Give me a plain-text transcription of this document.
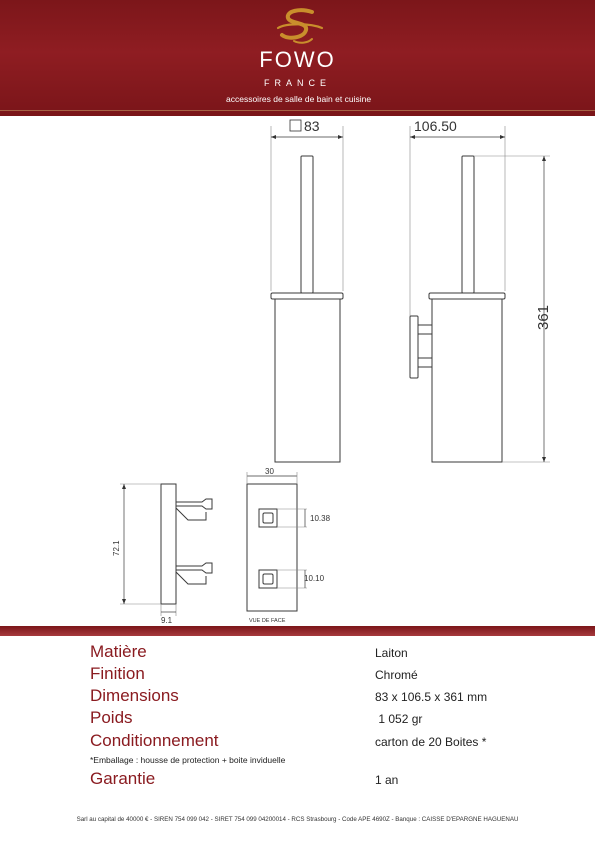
FOWO
FRANCE
accessoires de salle de bain et cuisine
83	106.50
361
72.1
9.1
30
10.38
10.10
VUE DE FACE
Matière	Laiton
Finition	Chromé
Dimensions	83 x 106.5 x 361 mm
Poids	1 052 gr
Conditionnement	carton de 20 Boites *
*Emballage : housse de protection + boite inviduelle
Garantie	1 an
Sarl au capital de 40000 € - SIREN 754 099 042 - SIRET 754 099 04200014 - RCS Strasbourg - Code APE 4690Z - Banque : CAISSE D'EPARGNE HAGUENAU
